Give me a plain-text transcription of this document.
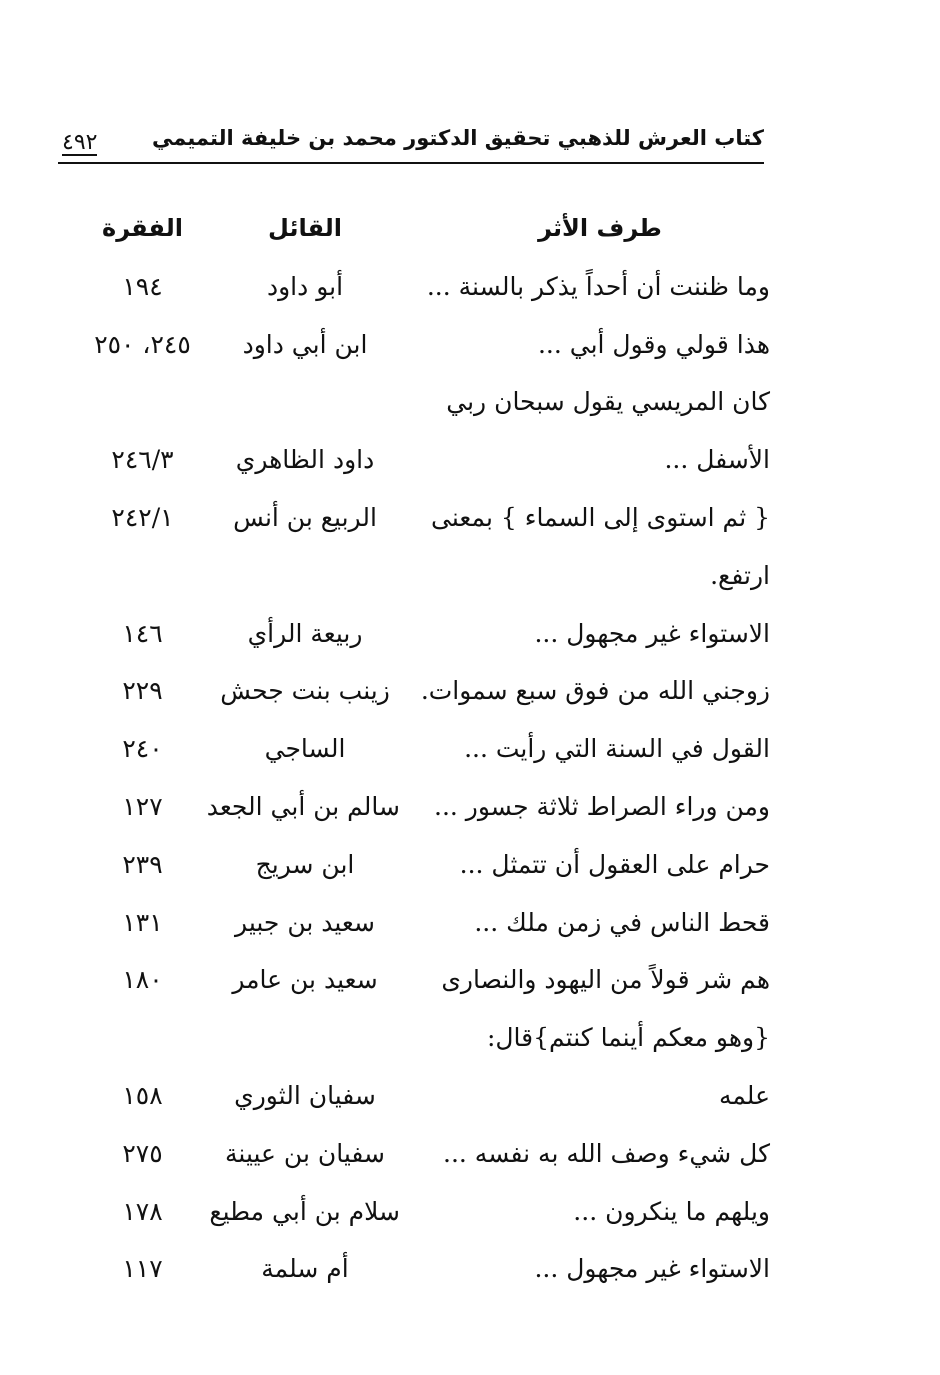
كتاب العرش للذهبي تحقيق الدكتور محمد بن خليفة التميمي
٤٩٢
طرف الأثر
القائل
الفقرة
وما ظننت أن أحداً يذكر بالسنة ...
أبو داود
١٩٤
هذا قولي وقول أبي ...
ابن أبي داود
٢٤٥، ٢٥٠
كان المريسي يقول سبحان ربي
الأسفل ...
داود الظاهري
٢٤٦/٣
{ ثم استوى إلى السماء } بمعنى
الربيع بن أنس
٢٤٢/١
ارتفع.
الاستواء غير مجهول ...
ربيعة الرأي
١٤٦
زوجني الله من فوق سبع سموات.
زينب بنت جحش
٢٢٩
القول في السنة التي رأيت ...
الساجي
٢٤٠
ومن وراء الصراط ثلاثة جسور ...
سالم بن أبي الجعد
١٢٧
حرام على العقول أن تتمثل ...
ابن سريج
٢٣٩
قحط الناس في زمن ملك ...
سعيد بن جبير
١٣١
هم شر قولاً من اليهود والنصارى
سعيد بن عامر
١٨٠
{وهو معكم أينما كنتم}قال:
علمه
سفيان الثوري
١٥٨
كل شيء وصف الله به نفسه ...
سفيان بن عيينة
٢٧٥
ويلهم ما ينكرون ...
سلام بن أبي مطيع
١٧٨
الاستواء غير مجهول ...
أم سلمة
١١٧
